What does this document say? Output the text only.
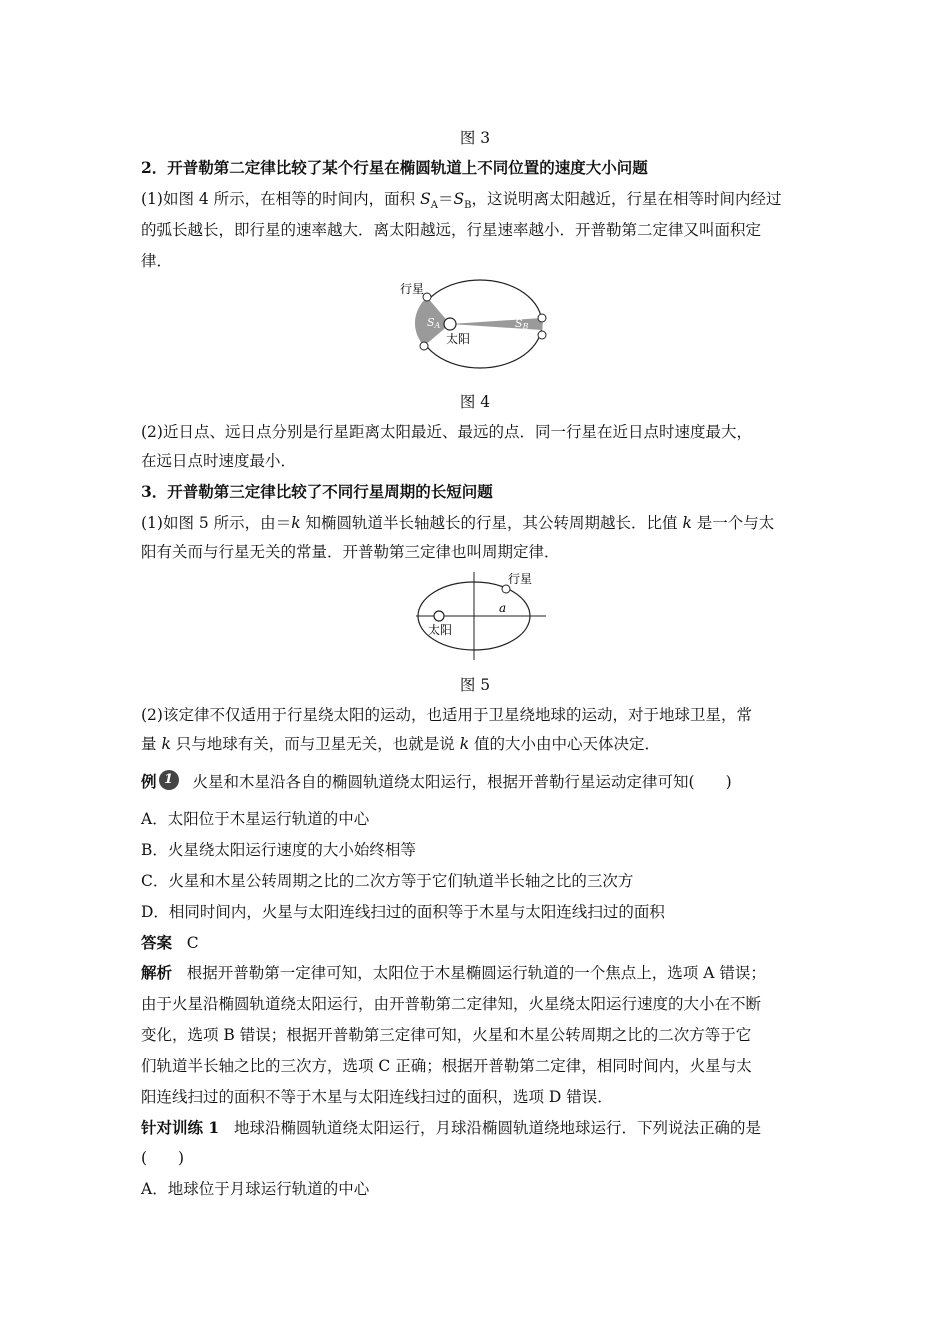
图 3
2．开普勒第二定律比较了某个行星在椭圆轨道上不同位置的速度大小问题
(1)如图 4 所示，在相等的时间内，面积 $S_A=S_B$，这说明离太阳越近，行星在相等时间内经过
的弧长越长，即行星的速率越大．离太阳越远，行星速率越小．开普勒第二定律又叫面积定
律．
行星
太阳
SA	SB
图 4
(2)近日点、远日点分别是行星距离太阳最近、最远的点．同一行星在近日点时速度最大，
在远日点时速度最小．
3．开普勒第三定律比较了不同行星周期的长短问题
(1)如图 5 所示，由＝k 知椭圆轨道半长轴越长的行星，其公转周期越长．比值 k 是一个与太
阳有关而与行星无关的常量．开普勒第三定律也叫周期定律．
行星
太阳
a
图 5
(2)该定律不仅适用于行星绕太阳的运动，也适用于卫星绕地球的运动，对于地球卫星，常
量 k 只与地球有关，而与卫星无关，也就是说 k 值的大小由中心天体决定．
例 1 火星和木星沿各自的椭圆轨道绕太阳运行，根据开普勒行星运动定律可知(　　)
A．太阳位于木星运行轨道的中心
B．火星绕太阳运行速度的大小始终相等
C．火星和木星公转周期之比的二次方等于它们轨道半长轴之比的三次方
D．相同时间内，火星与太阳连线扫过的面积等于木星与太阳连线扫过的面积
答案 C
解析 根据开普勒第一定律可知，太阳位于木星椭圆运行轨道的一个焦点上，选项 A 错误；
由于火星沿椭圆轨道绕太阳运行，由开普勒第二定律知，火星绕太阳运行速度的大小在不断
变化，选项 B 错误；根据开普勒第三定律可知，火星和木星公转周期之比的二次方等于它
们轨道半长轴之比的三次方，选项 C 正确；根据开普勒第二定律，相同时间内，火星与太
阳连线扫过的面积不等于木星与太阳连线扫过的面积，选项 D 错误．
针对训练 1 地球沿椭圆轨道绕太阳运行，月球沿椭圆轨道绕地球运行．下列说法正确的是
(　　)
A．地球位于月球运行轨道的中心
